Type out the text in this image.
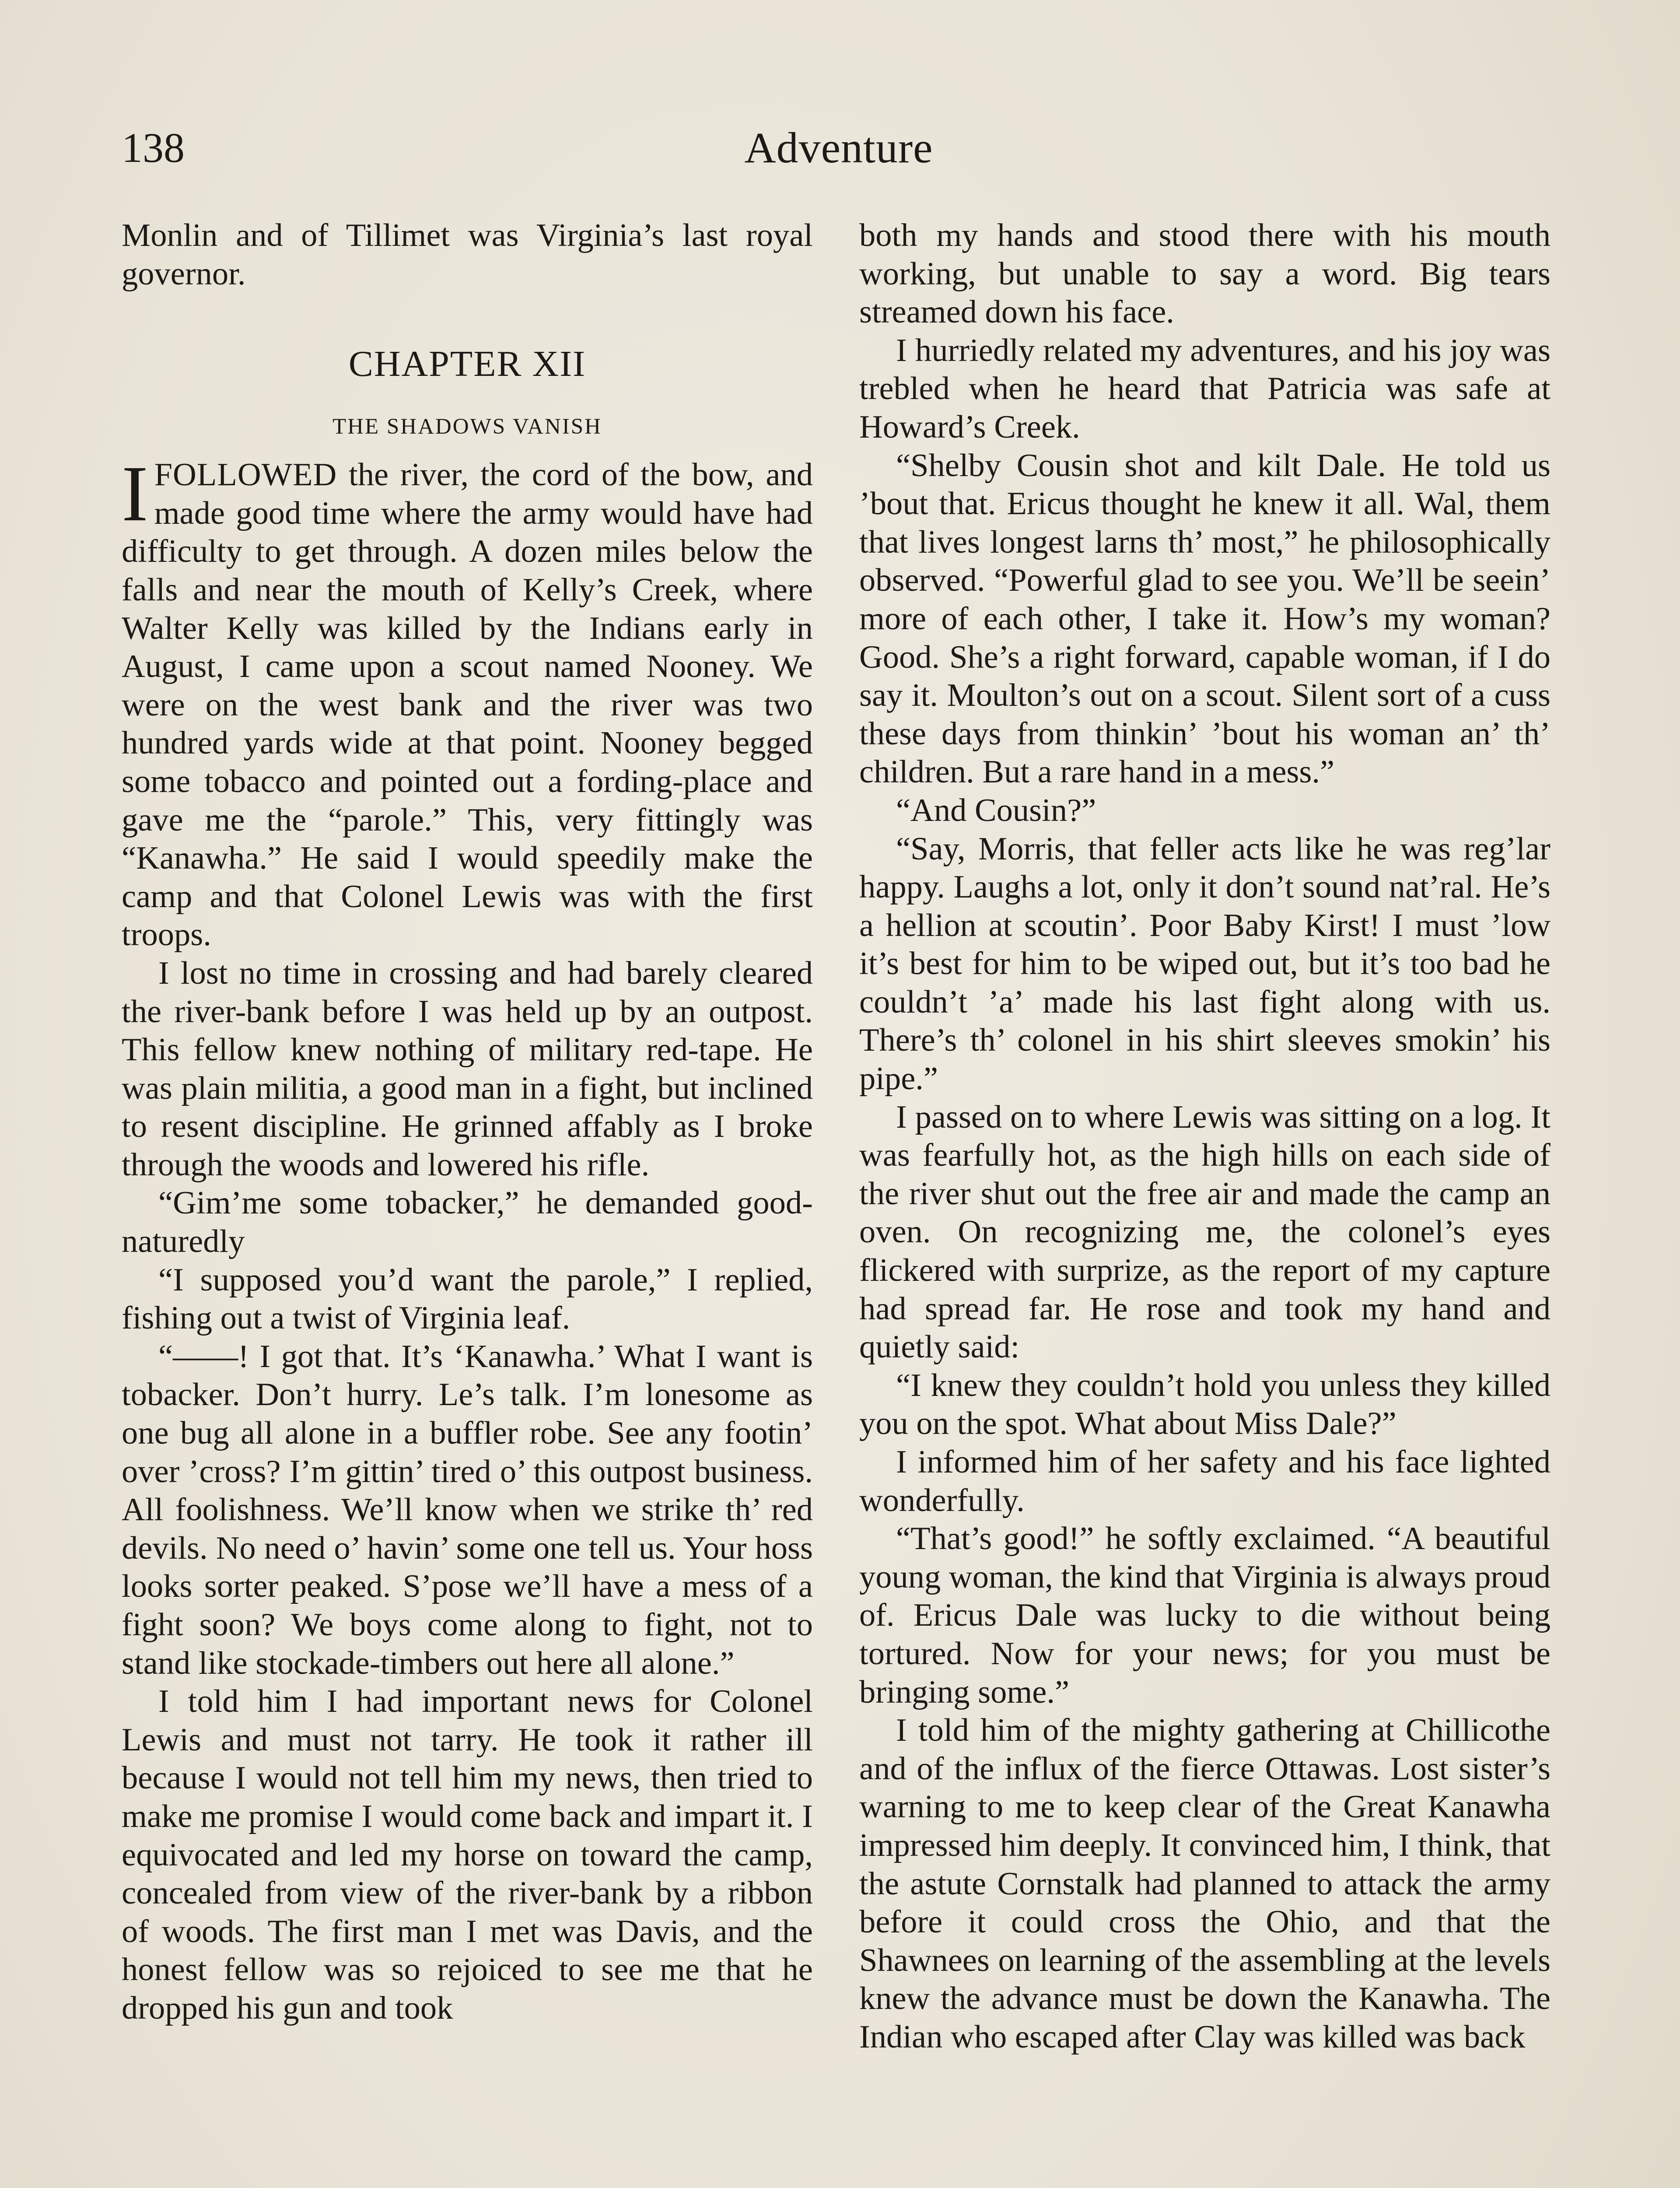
138	Adventure

Monlin and of Tillimet was Virginia’s last royal governor.

CHAPTER XII
THE SHADOWS VANISH

IFOLLOWED the river, the cord of the bow, and made good time where the army would have had difficulty to get through. A dozen miles below the falls and near the mouth of Kelly’s Creek, where Walter Kelly was killed by the Indians early in August, I came upon a scout named Nooney. We were on the west bank and the river was two hundred yards wide at that point. Nooney begged some tobacco and pointed out a fording-place and gave me the “parole.” This, very fittingly was “Kanawha.” He said I would speedily make the camp and that Colonel Lewis was with the first troops.

I lost no time in crossing and had barely cleared the river-bank before I was held up by an outpost. This fellow knew nothing of military red-tape. He was plain militia, a good man in a fight, but inclined to resent discipline. He grinned affably as I broke through the woods and lowered his rifle.

“Gim’me some tobacker,” he demanded good-naturedly

“I supposed you’d want the parole,” I replied, fishing out a twist of Virginia leaf.

“——! I got that. It’s ‘Kanawha.’ What I want is tobacker. Don’t hurry. Le’s talk. I’m lonesome as one bug all alone in a buffler robe. See any footin’ over ’cross? I’m gittin’ tired o’ this outpost business. All foolishness. We’ll know when we strike th’ red devils. No need o’ havin’ some one tell us. Your hoss looks sorter peaked. S’pose we’ll have a mess of a fight soon? We boys come along to fight, not to stand like stockade-timbers out here all alone.”

I told him I had important news for Colonel Lewis and must not tarry. He took it rather ill because I would not tell him my news, then tried to make me promise I would come back and impart it. I equivocated and led my horse on toward the camp, concealed from view of the river-bank by a ribbon of woods. The first man I met was Davis, and the honest fellow was so rejoiced to see me that he dropped his gun and took

both my hands and stood there with his mouth working, but unable to say a word. Big tears streamed down his face.

I hurriedly related my adventures, and his joy was trebled when he heard that Patricia was safe at Howard’s Creek.

“Shelby Cousin shot and kilt Dale. He told us ’bout that. Ericus thought he knew it all. Wal, them that lives longest larns th’ most,” he philosophically observed. “Powerful glad to see you. We’ll be seein’ more of each other, I take it. How’s my woman? Good. She’s a right forward, capable woman, if I do say it. Moulton’s out on a scout. Silent sort of a cuss these days from thinkin’ ’bout his woman an’ th’ children. But a rare hand in a mess.”

“And Cousin?”

“Say, Morris, that feller acts like he was reg’lar happy. Laughs a lot, only it don’t sound nat’ral. He’s a hellion at scoutin’. Poor Baby Kirst! I must ’low it’s best for him to be wiped out, but it’s too bad he couldn’t ’a’ made his last fight along with us. There’s th’ colonel in his shirt sleeves smokin’ his pipe.”

I passed on to where Lewis was sitting on a log. It was fearfully hot, as the high hills on each side of the river shut out the free air and made the camp an oven. On recognizing me, the colonel’s eyes flickered with surprize, as the report of my capture had spread far. He rose and took my hand and quietly said:

“I knew they couldn’t hold you unless they killed you on the spot. What about Miss Dale?”

I informed him of her safety and his face lighted wonderfully.

“That’s good!” he softly exclaimed. “A beautiful young woman, the kind that Virginia is always proud of. Ericus Dale was lucky to die without being tortured. Now for your news; for you must be bringing some.”

I told him of the mighty gathering at Chillicothe and of the influx of the fierce Ottawas. Lost sister’s warning to me to keep clear of the Great Kanawha impressed him deeply. It convinced him, I think, that the astute Cornstalk had planned to attack the army before it could cross the Ohio, and that the Shawnees on learning of the assembling at the levels knew the advance must be down the Kanawha. The Indian who escaped after Clay was killed was back
